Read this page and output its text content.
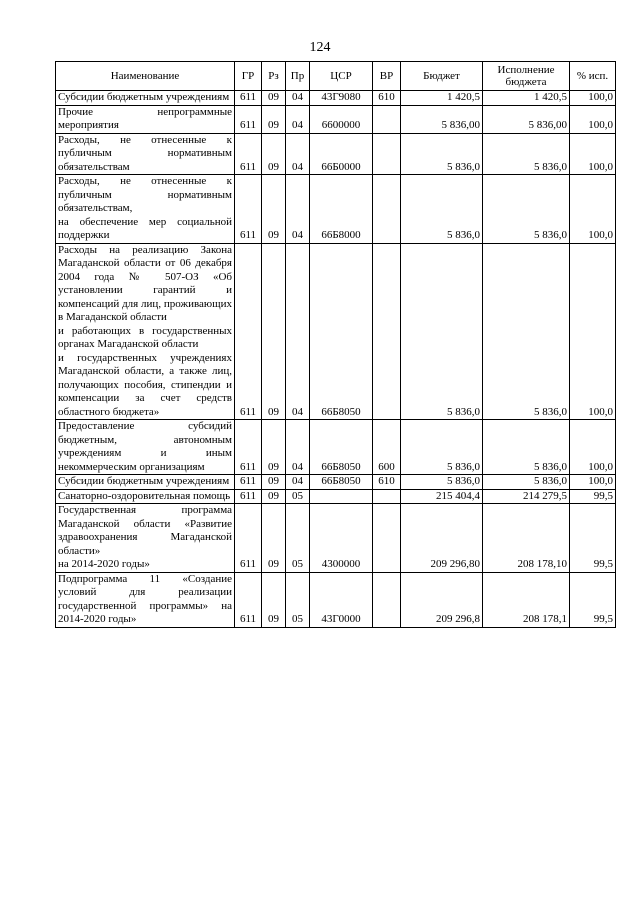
124
Наименование	ГР	Рз	Пр	ЦСР	ВР	Бюджет	Исполнение бюджета	% исп.
Субсидии бюджетным учреждениям	611	09	04	43Г9080	610	1 420,5	1 420,5	100,0
Прочие непрограммные мероприятия	611	09	04	6600000		5 836,00	5 836,00	100,0
Расходы, не отнесенные к публичным нормативным обязательствам	611	09	04	66Б0000		5 836,0	5 836,0	100,0
Расходы, не отнесенные к публичным нормативным обязательствам,
на обеспечение мер социальной поддержки	611	09	04	66Б8000		5 836,0	5 836,0	100,0
Расходы на реализацию Закона Магаданской области от 06 декабря 2004 года № 507-ОЗ «Об установлении гарантий и компенсаций для лиц, проживающих в Магаданской области
и работающих в государственных органах Магаданской области
и государственных учреждениях Магаданской области, а также лиц, получающих пособия, стипендии и компенсации за счет средств областного бюджета»	611	09	04	66Б8050		5 836,0	5 836,0	100,0
Предоставление субсидий бюджетным, автономным учреждениям и иным некоммерческим организациям	611	09	04	66Б8050	600	5 836,0	5 836,0	100,0
Субсидии бюджетным учреждениям	611	09	04	66Б8050	610	5 836,0	5 836,0	100,0
Санаторно-оздоровительная помощь	611	09	05			215 404,4	214 279,5	99,5
Государственная программа Магаданской области «Развитие здравоохранения Магаданской области»
на 2014-2020 годы»	611	09	05	4300000		209 296,80	208 178,10	99,5
Подпрограмма 11 «Создание условий для реализации государственной программы» на 2014-2020 годы»	611	09	05	43Г0000		209 296,8	208 178,1	99,5
